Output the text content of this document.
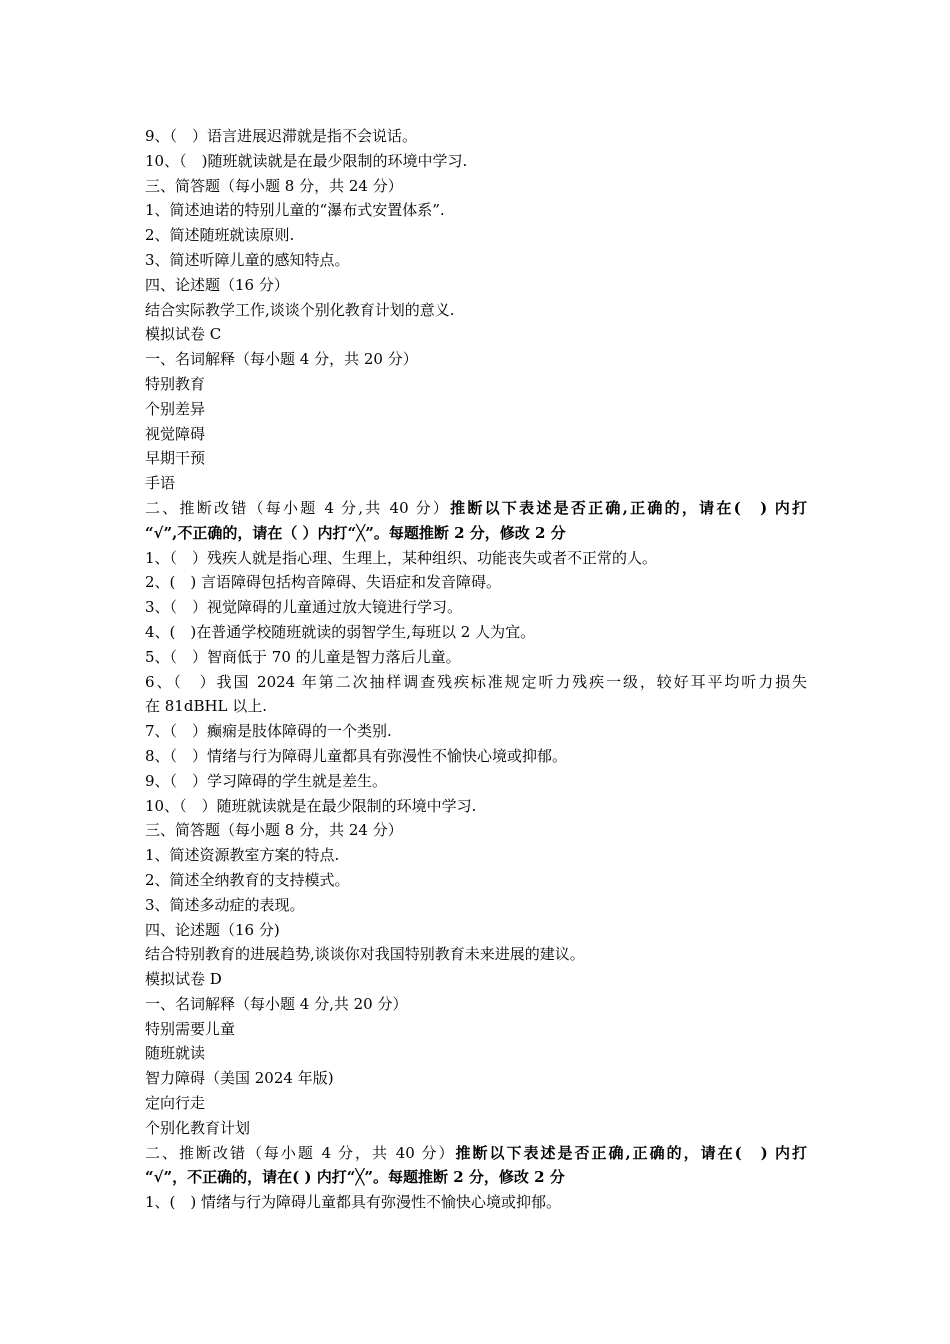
9、（　）语言进展迟滞就是指不会说话。
10、（　)随班就读就是在最少限制的环境中学习.
三、简答题（每小题 8 分，共 24 分）
1、简述迪诺的特别儿童的“瀑布式安置体系”.
2、简述随班就读原则.
3、简述听障儿童的感知特点。
四、论述题（16 分）
结合实际教学工作,谈谈个别化教育计划的意义.
模拟试卷 C
一、名词解释（每小题 4 分，共 20 分）
特别教育
个别差异
视觉障碍
早期干预
手语
二、推断改错（每小题 4 分,共 40 分）推断以下表述是否正确,正确的，请在(　) 内打
“√”,不正确的，请在（ ）内打“╳”。每题推断 2 分，修改 2 分
1、（　）残疾人就是指心理、生理上，某种组织、功能丧失或者不正常的人。
2、(　) 言语障碍包括构音障碍、失语症和发音障碍。
3、（　）视觉障碍的儿童通过放大镜进行学习。
4、(　)在普通学校随班就读的弱智学生,每班以 2 人为宜。
5、（　）智商低于 70 的儿童是智力落后儿童。
6、（　）我国 2024 年第二次抽样调查残疾标准规定听力残疾一级，较好耳平均听力损失
在 81dBHL 以上.
7、（　）癫痫是肢体障碍的一个类别.
8、（　）情绪与行为障碍儿童都具有弥漫性不愉快心境或抑郁。
9、（　）学习障碍的学生就是差生。
10、（　）随班就读就是在最少限制的环境中学习.
三、简答题（每小题 8 分，共 24 分）
1、简述资源教室方案的特点.
2、简述全纳教育的支持模式。
3、简述多动症的表现。
四、论述题（16 分)
结合特别教育的进展趋势,谈谈你对我国特别教育未来进展的建议。
模拟试卷 D
一、名词解释（每小题 4 分,共 20 分）
特别需要儿童
随班就读
智力障碍（美国 2024 年版)
定向行走
个别化教育计划
二、推断改错（每小题 4 分，共 40 分）推断以下表述是否正确,正确的，请在(　) 内打
“√”，不正确的，请在( ) 内打“╳”。每题推断 2 分，修改 2 分
1、(　) 情绪与行为障碍儿童都具有弥漫性不愉快心境或抑郁。
